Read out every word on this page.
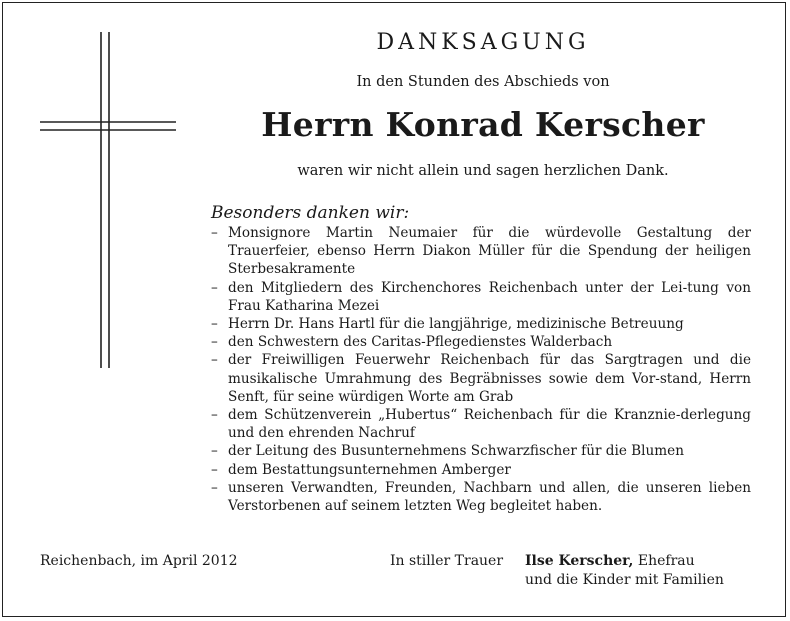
DANKSAGUNG

In den Stunden des Abschieds von

Herrn Konrad Kerscher

waren wir nicht allein und sagen herzlichen Dank.

Besonders danken wir:

– Monsignore Martin Neumaier für die würdevolle Gestaltung der Trauerfeier, ebenso Herrn Diakon Müller für die Spendung der heiligen Sterbesakramente
– den Mitgliedern des Kirchenchores Reichenbach unter der Lei-tung von Frau Katharina Mezei
– Herrn Dr. Hans Hartl für die langjährige, medizinische Betreuung
– den Schwestern des Caritas-Pflegedienstes Walderbach
– der Freiwilligen Feuerwehr Reichenbach für das Sargtragen und die musikalische Umrahmung des Begräbnisses sowie dem Vor-stand, Herrn Senft, für seine würdigen Worte am Grab
– dem Schützenverein „Hubertus“ Reichenbach für die Kranznie-derlegung und den ehrenden Nachruf
– der Leitung des Busunternehmens Schwarzfischer für die Blumen
– dem Bestattungsunternehmen Amberger
– unseren Verwandten, Freunden, Nachbarn und allen, die unseren lieben Verstorbenen auf seinem letzten Weg begleitet haben.

Reichenbach, im April 2012	In stiller Trauer Ilse Kerscher, Ehefrau
und die Kinder mit Familien
